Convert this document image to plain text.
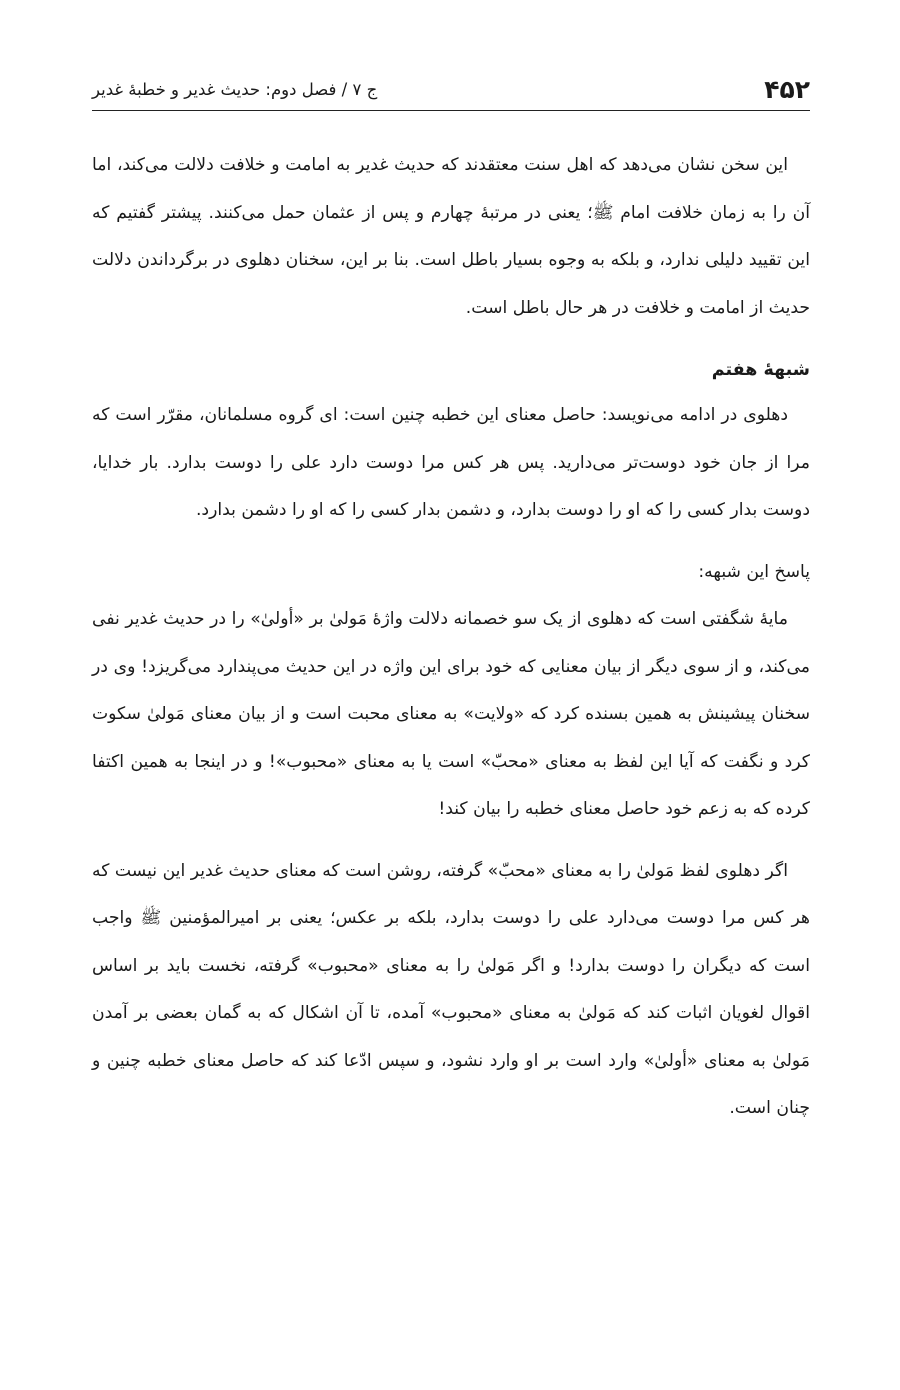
۴۵۲
ج ۷ / فصل دوم: حدیث غدیر و خطبهٔ غدیر

این سخن نشان می‌دهد که اهل سنت معتقدند که حدیث غدیر به امامت و خلافت دلالت می‌کند، اما آن را به زمان خلافت امام ﷺ؛ یعنی در مرتبهٔ چهارم و پس از عثمان حمل می‌کنند. پیشتر گفتیم که این تقیید دلیلی ندارد، و بلکه به وجوه بسیار باطل است. بنا بر این، سخنان دهلوی در برگرداندن دلالت حدیث از امامت و خلافت در هر حال باطل است.

شبههٔ هفتم

دهلوی در ادامه می‌نویسد: حاصل معنای این خطبه چنین است: ای گروه مسلمانان، مقرّر است که مرا از جان خود دوست‌تر می‌دارید. پس هر کس مرا دوست دارد علی را دوست بدارد. بار خدایا، دوست بدار کسی را که او را دوست بدارد، و دشمن بدار کسی را که او را دشمن بدارد.

پاسخ این شبهه:

مایهٔ شگفتی است که دهلوی از یک سو خصمانه دلالت واژهٔ مَولیٰ بر «أولیٰ» را در حدیث غدیر نفی می‌کند، و از سوی دیگر از بیان معنایی که خود برای این واژه در این حدیث می‌پندارد می‌گریزد! وی در سخنان پیشینش به همین بسنده کرد که «ولایت» به معنای محبت است و از بیان معنای مَولیٰ سکوت کرد و نگفت که آیا این لفظ به معنای «محبّ» است یا به معنای «محبوب»! و در اینجا به همین اکتفا کرده که به زعم خود حاصل معنای خطبه را بیان کند!

اگر دهلوی لفظ مَولیٰ را به معنای «محبّ» گرفته، روشن است که معنای حدیث غدیر این نیست که هر کس مرا دوست می‌دارد علی را دوست بدارد، بلکه بر عکس؛ یعنی بر امیرالمؤمنین ﷺ واجب است که دیگران را دوست بدارد! و اگر مَولیٰ را به معنای «محبوب» گرفته، نخست باید بر اساس اقوال لغویان اثبات کند که مَولیٰ به معنای «محبوب» آمده، تا آن اشکال که به گمان بعضی بر آمدن مَولیٰ به معنای «أولیٰ» وارد است بر او وارد نشود، و سپس ادّعا کند که حاصل معنای خطبه چنین و چنان است.
